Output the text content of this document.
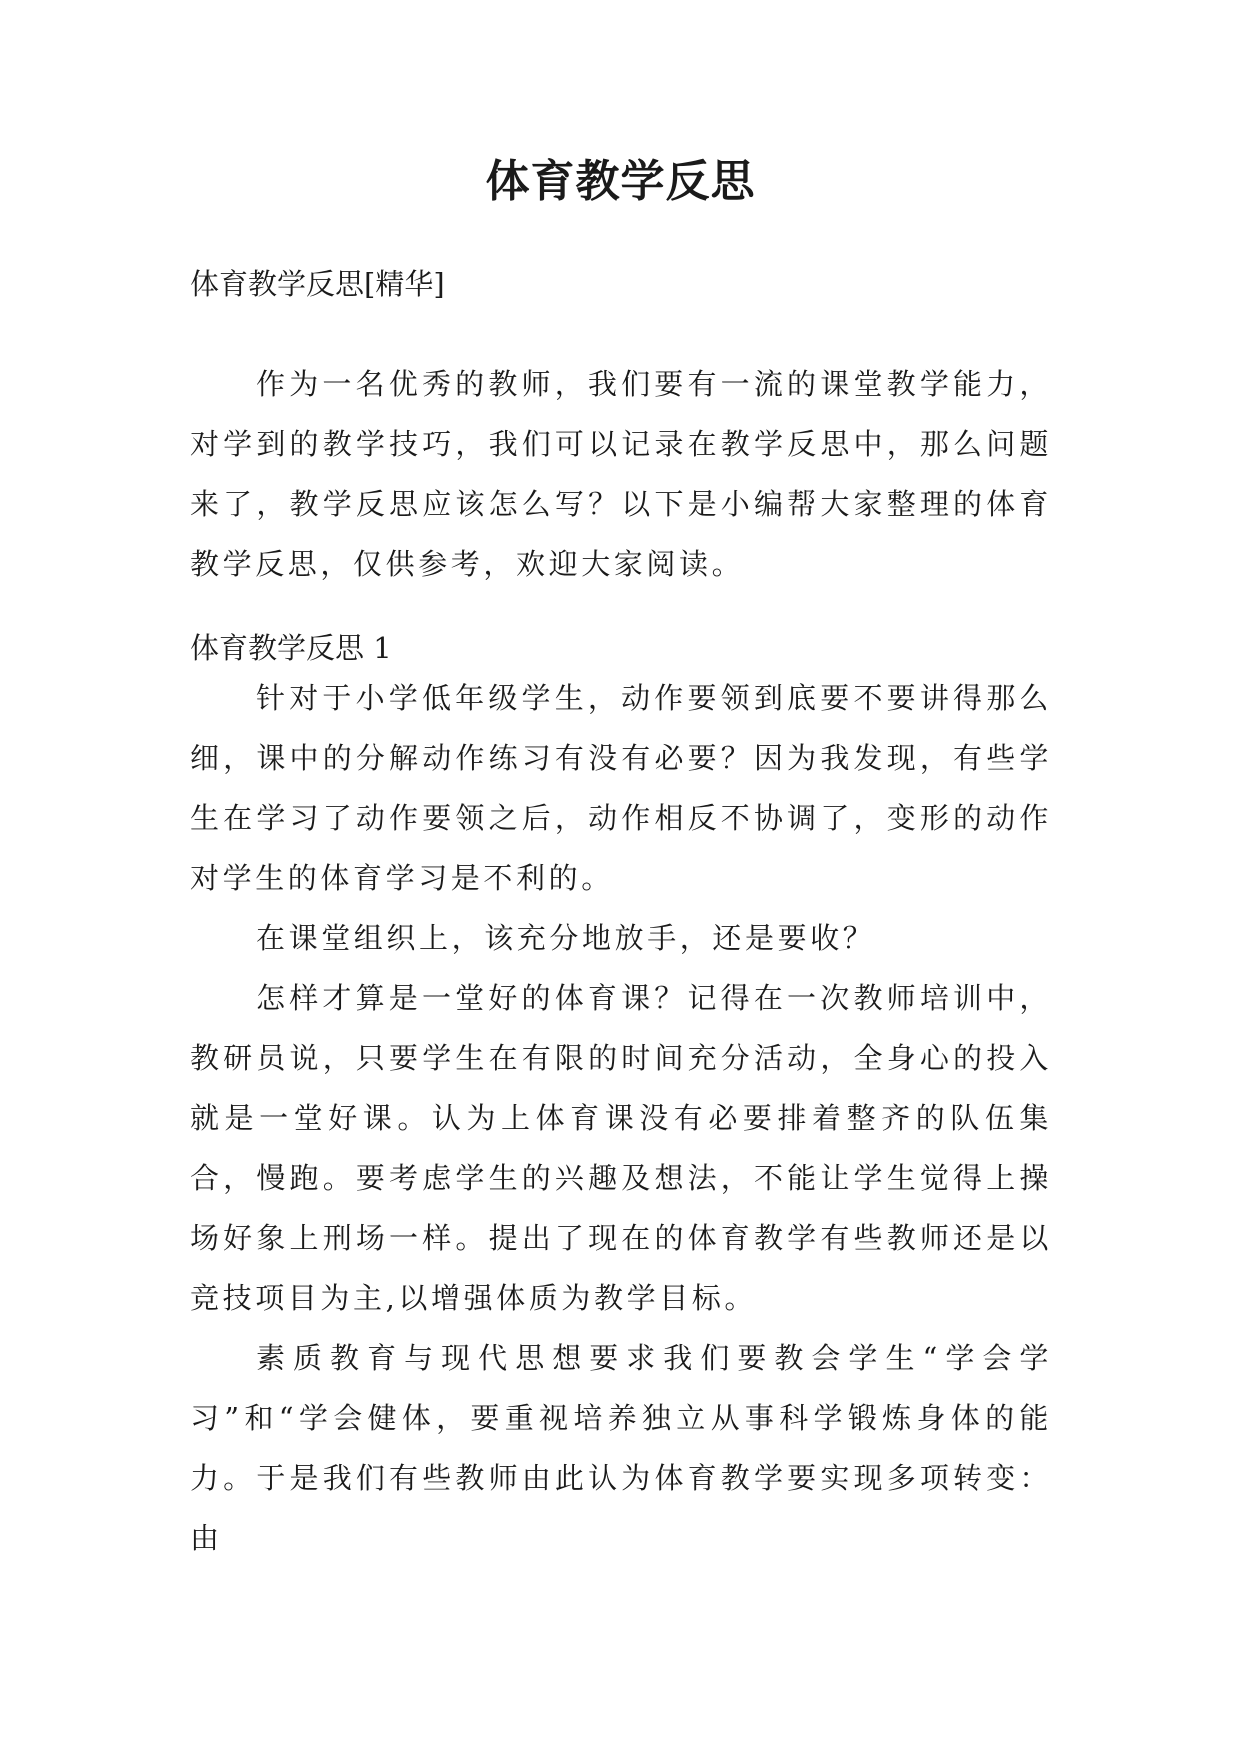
体育教学反思
体育教学反思[精华]

作为一名优秀的教师，我们要有一流的课堂教学能力，对学到的教学技巧，我们可以记录在教学反思中，那么问题来了，教学反思应该怎么写？以下是小编帮大家整理的体育教学反思，仅供参考，欢迎大家阅读。

体育教学反思 1

针对于小学低年级学生，动作要领到底要不要讲得那么细，课中的分解动作练习有没有必要？因为我发现，有些学生在学习了动作要领之后，动作相反不协调了，变形的动作对学生的体育学习是不利的。

在课堂组织上，该充分地放手，还是要收？

怎样才算是一堂好的体育课？记得在一次教师培训中，教研员说，只要学生在有限的时间充分活动，全身心的投入就是一堂好课。认为上体育课没有必要排着整齐的队伍集合，慢跑。要考虑学生的兴趣及想法，不能让学生觉得上操场好象上刑场一样。提出了现在的体育教学有些教师还是以竞技项目为主,以增强体质为教学目标。

素质教育与现代思想要求我们要教会学生“学会学习”和“学会健体，要重视培养独立从事科学锻炼身体的能力。于是我们有些教师由此认为体育教学要实现多项转变：由
